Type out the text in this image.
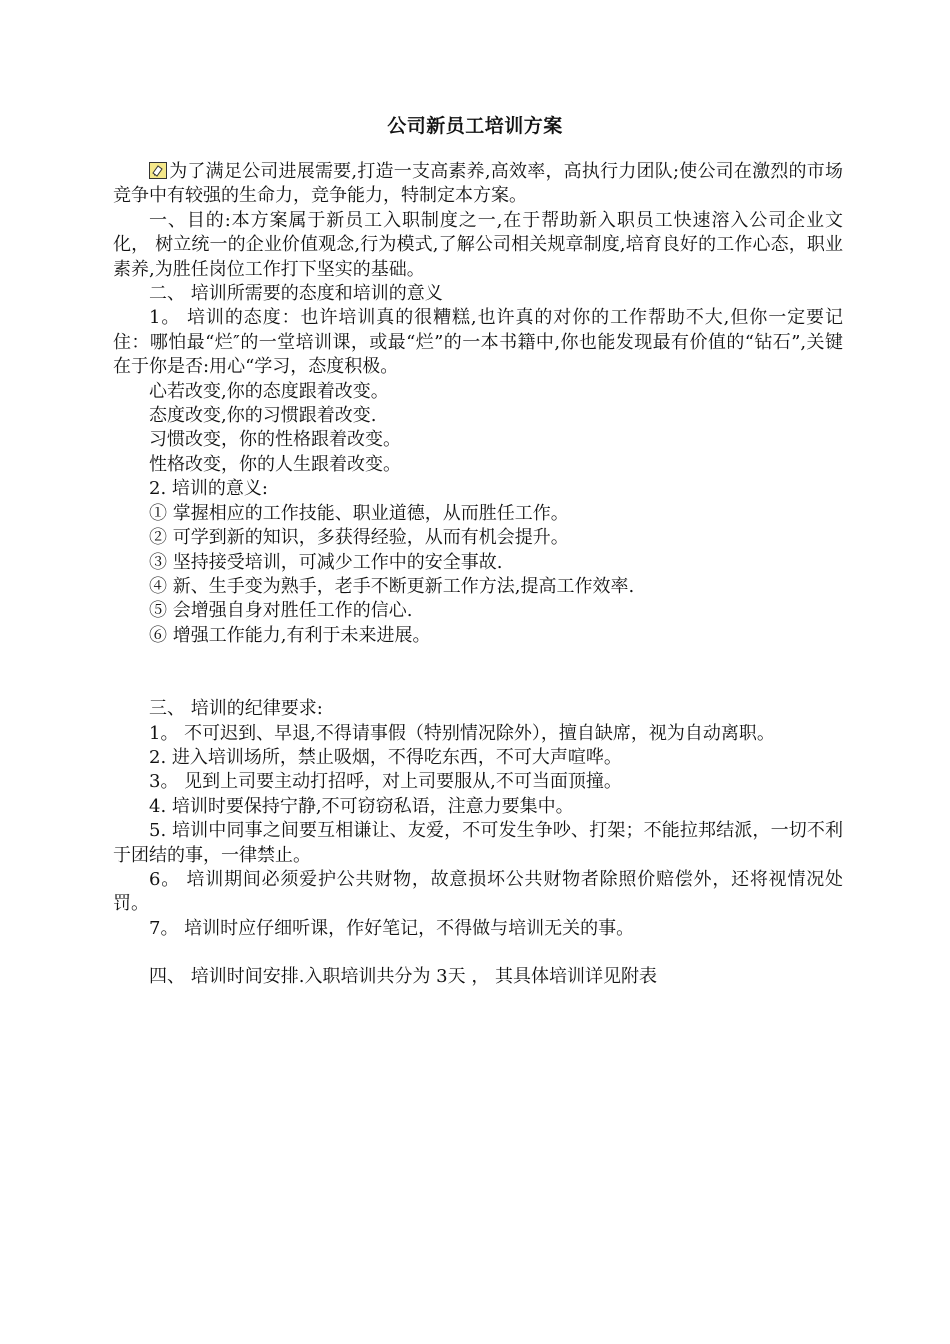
公司新员工培训方案

为了满足公司进展需要,打造一支高素养,高效率，高执行力团队;使公司在激烈的市场竞争中有较强的生命力，竞争能力，特制定本方案。

一、目的:本方案属于新员工入职制度之一,在于帮助新入职员工快速溶入公司企业文化， 树立统一的企业价值观念,行为模式,了解公司相关规章制度,培育良好的工作心态，职业素养,为胜任岗位工作打下坚实的基础。

二、 培训所需要的态度和培训的意义

1。 培训的态度：也许培训真的很糟糕,也许真的对你的工作帮助不大,但你一定要记住：哪怕最“烂″的一堂培训课，或最“烂”的一本书籍中,你也能发现最有价值的“钻石”,关键在于你是否:用心“学习，态度积极。

心若改变,你的态度跟着改变。

态度改变,你的习惯跟着改变.

习惯改变，你的性格跟着改变。

性格改变，你的人生跟着改变。

2. 培训的意义:

① 掌握相应的工作技能、职业道德，从而胜任工作。

② 可学到新的知识，多获得经验，从而有机会提升。

③ 坚持接受培训，可减少工作中的安全事故.

④ 新、生手变为熟手，老手不断更新工作方法,提高工作效率.

⑤ 会增强自身对胜任工作的信心.

⑥ 增强工作能力,有利于未来进展。

三、 培训的纪律要求:

1。 不可迟到、早退,不得请事假（特别情况除外），擅自缺席，视为自动离职。

2. 进入培训场所，禁止吸烟，不得吃东西，不可大声喧哗。

3。 见到上司要主动打招呼，对上司要服从,不可当面顶撞。

4. 培训时要保持宁静,不可窃窃私语，注意力要集中。

5. 培训中同事之间要互相谦让、友爱，不可发生争吵、打架；不能拉邦结派，一切不利于团结的事，一律禁止。

6。 培训期间必须爱护公共财物，故意损坏公共财物者除照价赔偿外，还将视情况处罚。

7。 培训时应仔细听课，作好笔记，不得做与培训无关的事。

四、 培训时间安排.入职培训共分为 3天 ， 其具体培训详见附表
